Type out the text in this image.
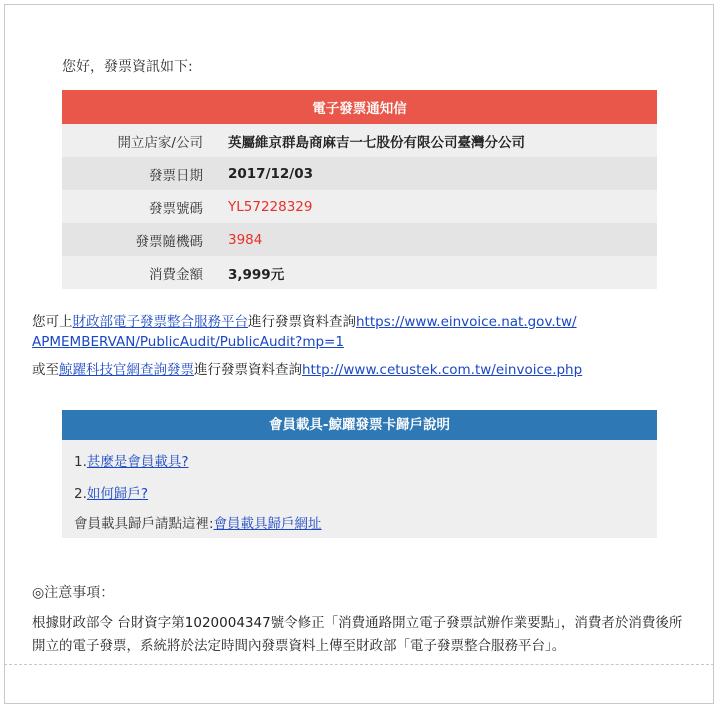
您好，發票資訊如下:
電子發票通知信	
開立店家/公司	英屬維京群島商麻吉一七股份有限公司臺灣分公司
發票日期	2017/12/03
發票號碼	YL57228329
發票隨機碼	3984
消費金額	3,999元
您可上財政部電子發票整合服務平台進行發票資料查詢https://www.einvoice.nat.gov.tw/
APMEMBERVAN/PublicAudit/PublicAudit?mp=1
或至鯨躍科技官網查詢發票進行發票資料查詢http://www.cetustek.com.tw/einvoice.php
會員載具-鯨躍發票卡歸戶說明
1.甚麼是會員載具?
2.如何歸戶?
會員載具歸戶請點這裡:會員載具歸戶網址
◎注意事項：
根據財政部令 台財資字第1020004347號令修正「消費通路開立電子發票試辦作業要點」，消費者於消費後所開立的電子發票，系統將於法定時間內發票資料上傳至財政部「電子發票整合服務平台」。
